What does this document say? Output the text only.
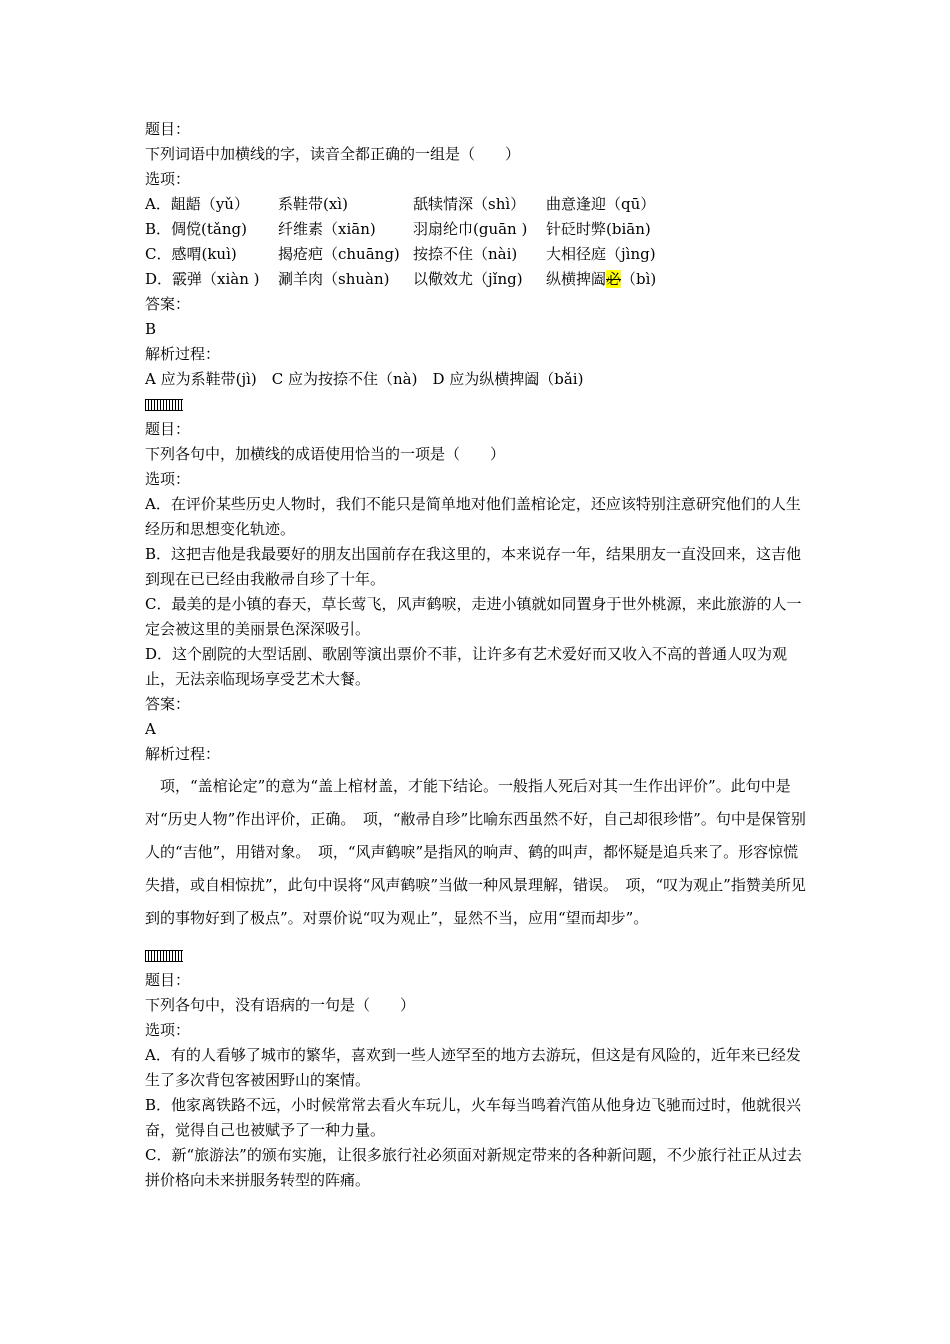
题目：
下列词语中加横线的字，读音全都正确的一组是（　　）
选项：
A．龃龉（yǔ）	系鞋带(xì)	舐犊情深（shì）	曲意逢迎（qū）
B．倜傥(tǎng)	纤维素（xiān)	羽扇纶巾(guān )	针砭时弊(biān)
C．感喟(kuì)	揭疮疤（chuāng) 按捺不住（nài)	大相径庭（jìng)
D．霰弹（xiàn )	涮羊肉（shuàn)	以儆效尤（jǐng)	纵横捭阖必（bì)
答案：
B
解析过程：
A 应为系鞋带(jì)　C 应为按捺不住（nà)　D 应为纵横捭阖（bǎi)
题目：
下列各句中，加横线的成语使用恰当的一项是（　　）
选项：
A．在评价某些历史人物时，我们不能只是简单地对他们盖棺论定，还应该特别注意研究他们的人生经历和思想变化轨迹。
B．这把吉他是我最要好的朋友出国前存在我这里的，本来说存一年，结果朋友一直没回来，这吉他到现在已已经由我敝帚自珍了十年。
C．最美的是小镇的春天，草长莺飞，风声鹤唳，走进小镇就如同置身于世外桃源，来此旅游的人一定会被这里的美丽景色深深吸引。
D．这个剧院的大型话剧、歌剧等演出票价不菲，让许多有艺术爱好而又收入不高的普通人叹为观止，无法亲临现场享受艺术大餐。
答案：
A
解析过程：
　项，“盖棺论定”的意为“盖上棺材盖，才能下结论。一般指人死后对其一生作出评价”。此句中是对“历史人物”作出评价，正确。　项，“敝帚自珍”比喻东西虽然不好，自己却很珍惜”。句中是保管别人的“吉他”，用错对象。　项，“风声鹤唳”是指风的响声、鹤的叫声，都怀疑是追兵来了。形容惊慌失措，或自相惊扰”，此句中误将“风声鹤唳”当做一种风景理解，错误。　项，“叹为观止”指赞美所见到的事物好到了极点”。对票价说“叹为观止”，显然不当，应用“望而却步”。
题目：
下列各句中，没有语病的一句是（　　）
选项：
A．有的人看够了城市的繁华，喜欢到一些人迹罕至的地方去游玩，但这是有风险的，近年来已经发生了多次背包客被困野山的案情。
B．他家离铁路不远，小时候常常去看火车玩儿，火车每当鸣着汽笛从他身边飞驰而过时，他就很兴奋，觉得自己也被赋予了一种力量。
C．新“旅游法”的颁布实施，让很多旅行社必须面对新规定带来的各种新问题，不少旅行社正从过去拼价格向未来拼服务转型的阵痛。
